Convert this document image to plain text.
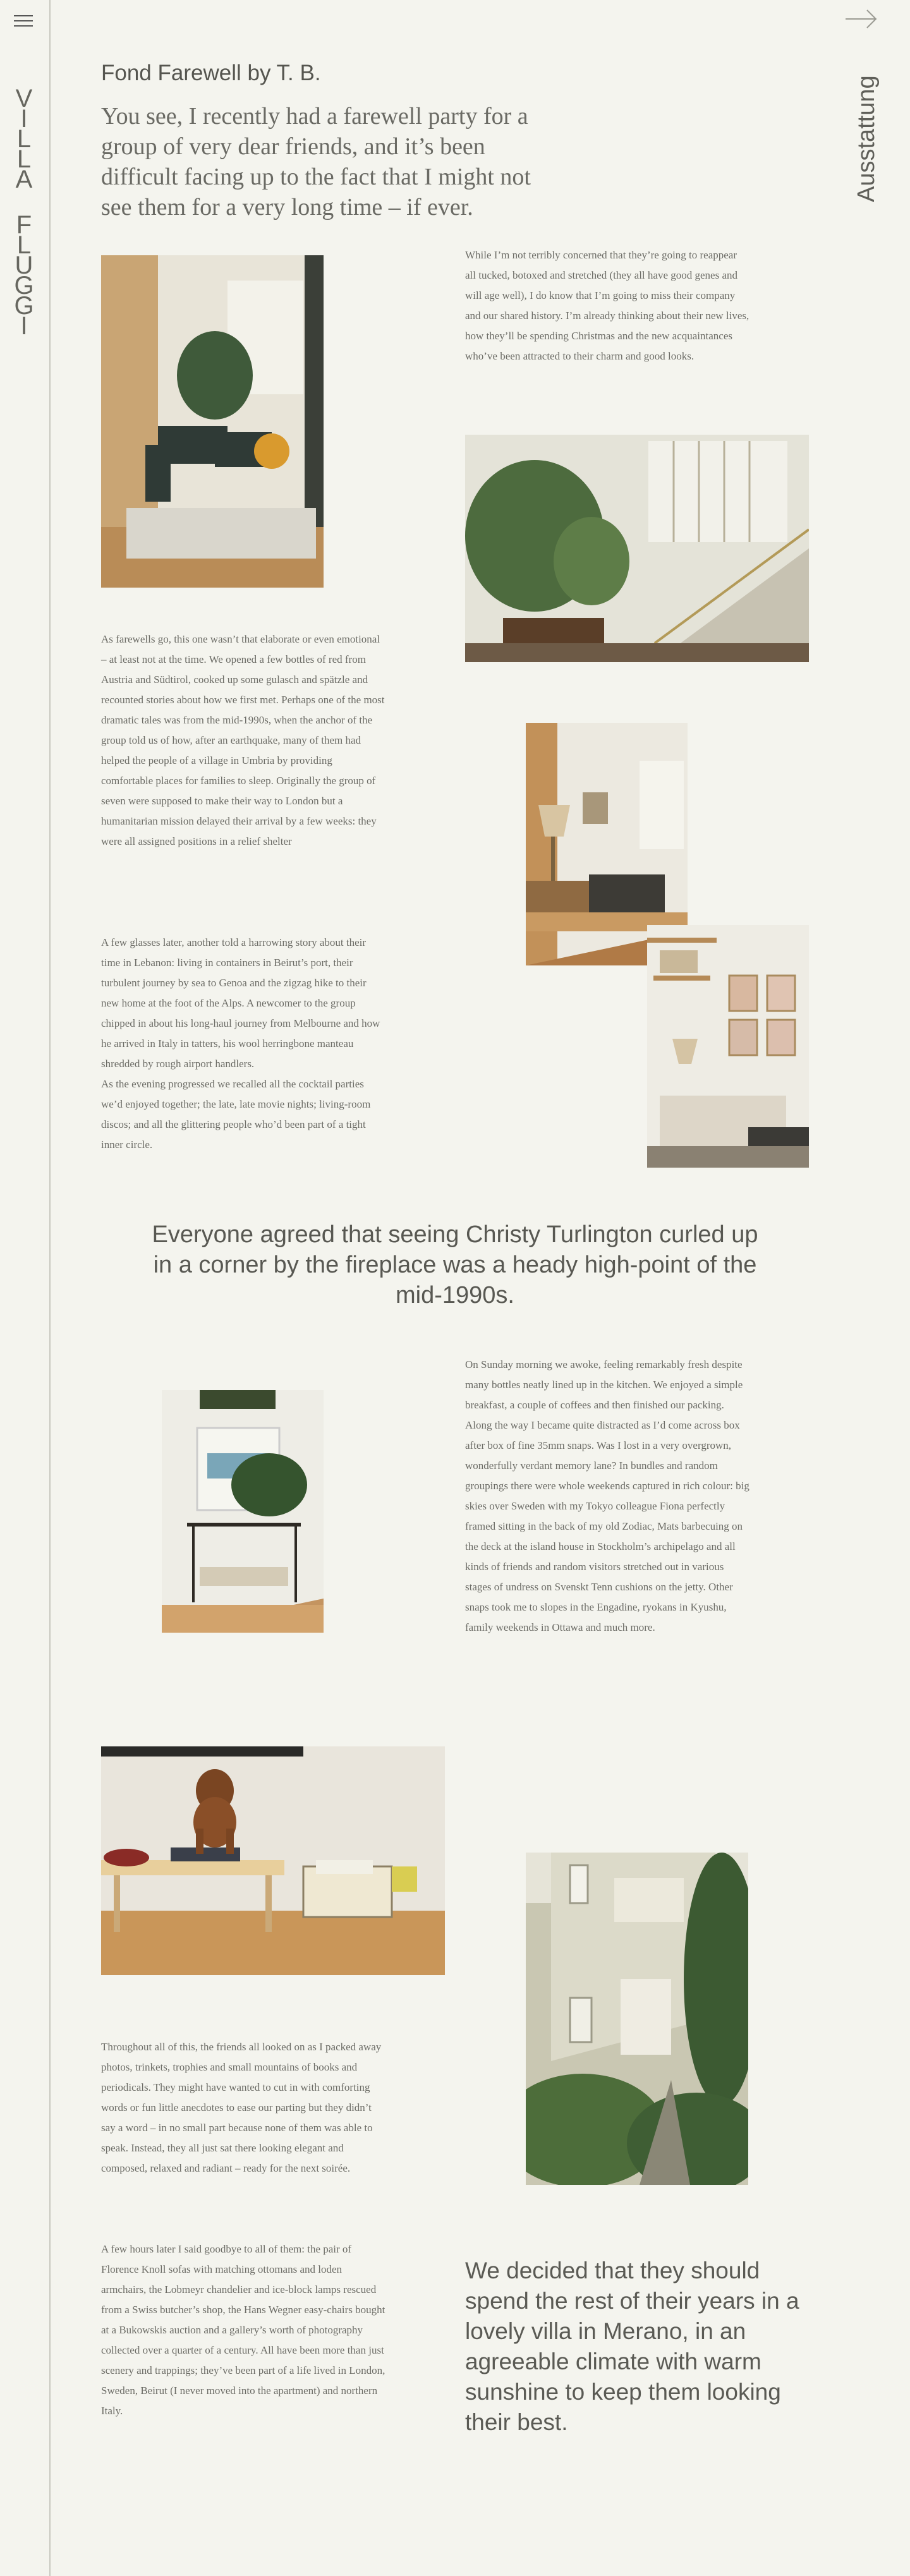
V
I
L
L
A
F
L
U
G
G
I
Ausstattung
Fond Farewell by T. B.

You see, I recently had a farewell party for a group of very dear friends, and it’s been difficult facing up to the fact that I might not see them for a very long time – if ever.

While I’m not terribly concerned that they’re going to reappear all tucked, botoxed and stretched (they all have good genes and will age well), I do know that I’m going to miss their company and our shared history. I’m already thinking about their new lives, how they’ll be spending Christmas and the new acquaintances who’ve been attracted to their charm and good looks.

As farewells go, this one wasn’t that elaborate or even emotional – at least not at the time. We opened a few bottles of red from Austria and Südtirol, cooked up some gulasch and spätzle and recounted stories about how we first met. Perhaps one of the most dramatic tales was from the mid-1990s, when the anchor of the group told us of how, after an earthquake, many of them had helped the people of a village in Umbria by providing comfortable places for families to sleep. Originally the group of seven were supposed to make their way to London but a humanitarian mission delayed their arrival by a few weeks: they were all assigned positions in a relief shelter

A few glasses later, another told a harrowing story about their time in Lebanon: living in containers in Beirut’s port, their turbulent journey by sea to Genoa and the zigzag hike to their new home at the foot of the Alps. A newcomer to the group chipped in about his long-haul journey from Melbourne and how he arrived in Italy in tatters, his wool herringbone manteau shredded by rough airport handlers.
As the evening progressed we recalled all the cocktail parties we’d enjoyed together; the late, late movie nights; living-room discos; and all the glittering people who’d been part of a tight inner circle.

Everyone agreed that seeing Christy Turlington curled up in a corner by the fireplace was a heady high-point of the mid-1990s.

On Sunday morning we awoke, feeling remarkably fresh despite many bottles neatly lined up in the kitchen. We enjoyed a simple breakfast, a couple of coffees and then finished our packing. Along the way I became quite distracted as I’d come across box after box of fine 35mm snaps. Was I lost in a very overgrown, wonderfully verdant memory lane? In bundles and random groupings there were whole weekends captured in rich colour: big skies over Sweden with my Tokyo colleague Fiona perfectly framed sitting in the back of my old Zodiac, Mats barbecuing on the deck at the island house in Stockholm’s archipelago and all kinds of friends and random visitors stretched out in various stages of undress on Svenskt Tenn cushions on the jetty. Other snaps took me to slopes in the Engadine, ryokans in Kyushu, family weekends in Ottawa and much more.

Throughout all of this, the friends all looked on as I packed away photos, trinkets, trophies and small mountains of books and periodicals. They might have wanted to cut in with comforting words or fun little anecdotes to ease our parting but they didn’t say a word – in no small part because none of them was able to speak. Instead, they all just sat there looking elegant and composed, relaxed and radiant – ready for the next soirée.

A few hours later I said goodbye to all of them: the pair of Florence Knoll sofas with matching ottomans and loden armchairs, the Lobmeyr chandelier and ice-block lamps rescued from a Swiss butcher’s shop, the Hans Wegner easy-chairs bought at a Bukowskis auction and a gallery’s worth of photography collected over a quarter of a century. All have been more than just scenery and trappings; they’ve been part of a life lived in London, Sweden, Beirut (I never moved into the apartment) and northern Italy.

We decided that they should spend the rest of their years in a lovely villa in Merano, in an agreeable climate with warm sunshine to keep them looking their best.
